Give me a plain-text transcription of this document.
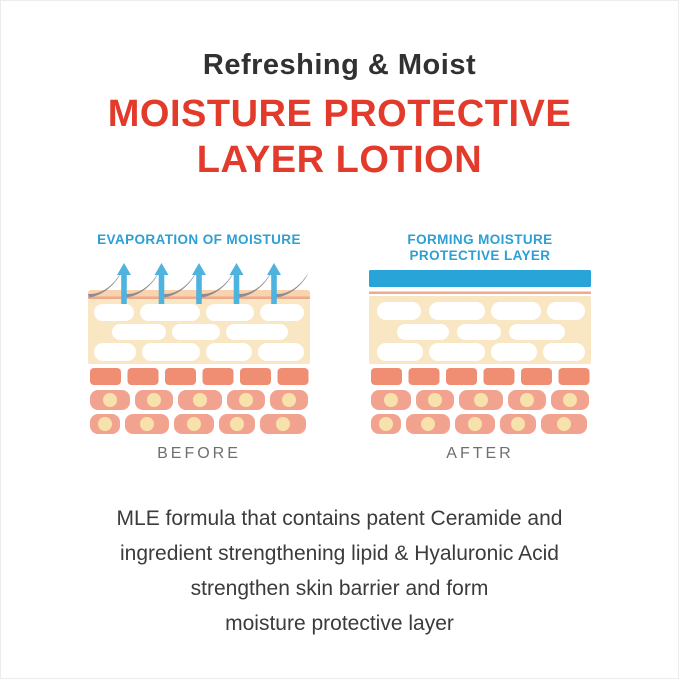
Refreshing & Moist
MOISTURE PROTECTIVE
LAYER LOTION
EVAPORATION OF MOISTURE
BEFORE
FORMING MOISTURE
PROTECTIVE LAYER
AFTER
MLE formula that contains patent Ceramide and
ingredient strengthening lipid & Hyaluronic Acid
strengthen skin barrier and form
moisture protective layer
